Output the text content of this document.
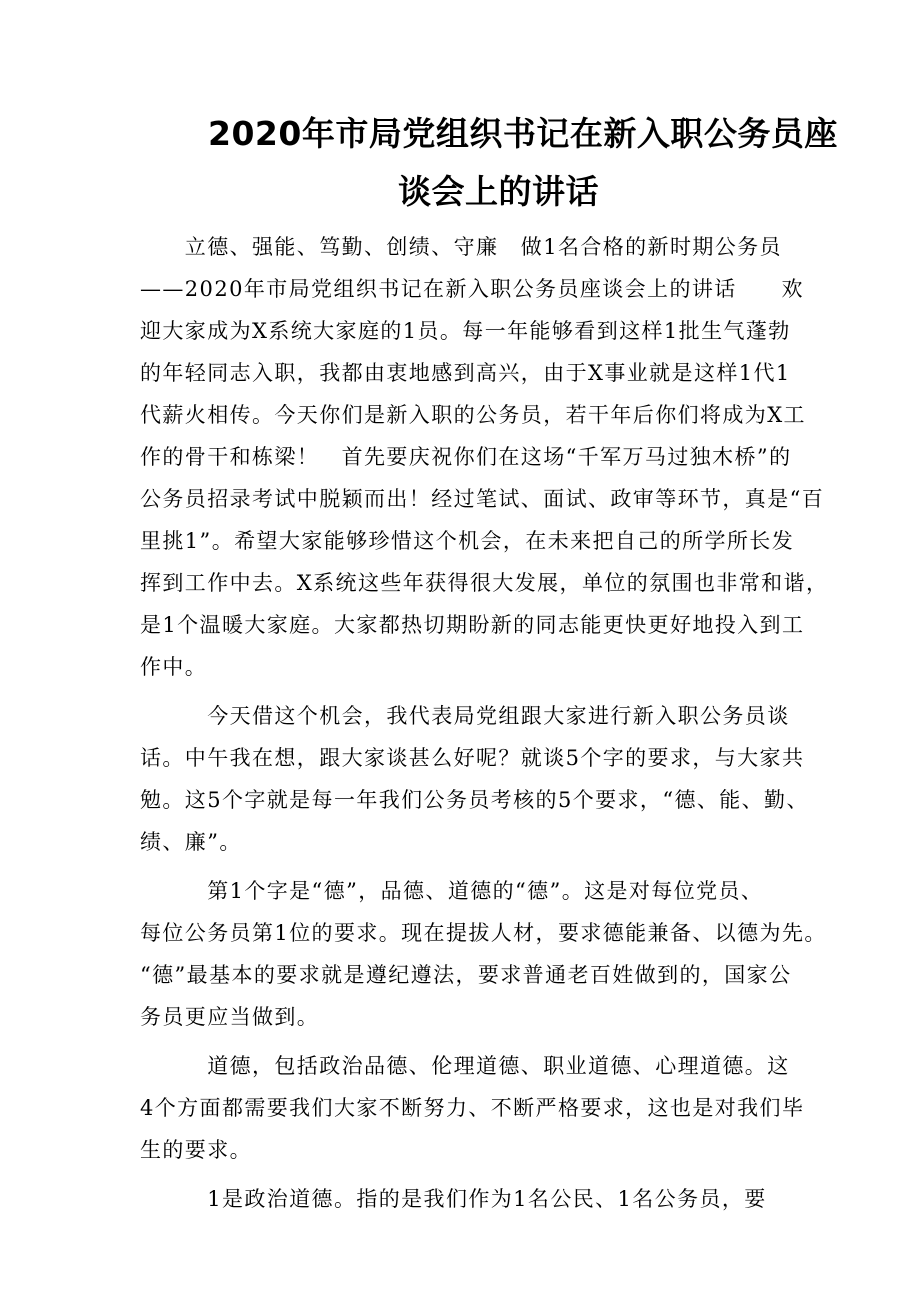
2020年市局党组织书记在新入职公务员座
谈会上的讲话
　　立德、强能、笃勤、创绩、守廉　做1名合格的新时期公务员
——2020年市局党组织书记在新入职公务员座谈会上的讲话　　欢
迎大家成为X系统大家庭的1员。每一年能够看到这样1批生气蓬勃
的年轻同志入职，我都由衷地感到高兴，由于X事业就是这样1代1
代薪火相传。今天你们是新入职的公务员，若干年后你们将成为X工
作的骨干和栋梁！　首先要庆祝你们在这场“千军万马过独木桥”的
公务员招录考试中脱颖而出！经过笔试、面试、政审等环节，真是“百
里挑1”。希望大家能够珍惜这个机会，在未来把自己的所学所长发
挥到工作中去。X系统这些年获得很大发展，单位的氛围也非常和谐，
是1个温暖大家庭。大家都热切期盼新的同志能更快更好地投入到工
作中。
　　　今天借这个机会，我代表局党组跟大家进行新入职公务员谈
话。中午我在想，跟大家谈甚么好呢？就谈5个字的要求，与大家共
勉。这5个字就是每一年我们公务员考核的5个要求，“德、能、勤、
绩、廉”。
　　　第1个字是“德”，品德、道德的“德”。这是对每位党员、
每位公务员第1位的要求。现在提拔人材，要求德能兼备、以德为先。
“德”最基本的要求就是遵纪遵法，要求普通老百姓做到的，国家公
务员更应当做到。
　　　道德，包括政治品德、伦理道德、职业道德、心理道德。这
4个方面都需要我们大家不断努力、不断严格要求，这也是对我们毕
生的要求。
　　　1是政治道德。指的是我们作为1名公民、1名公务员，要
